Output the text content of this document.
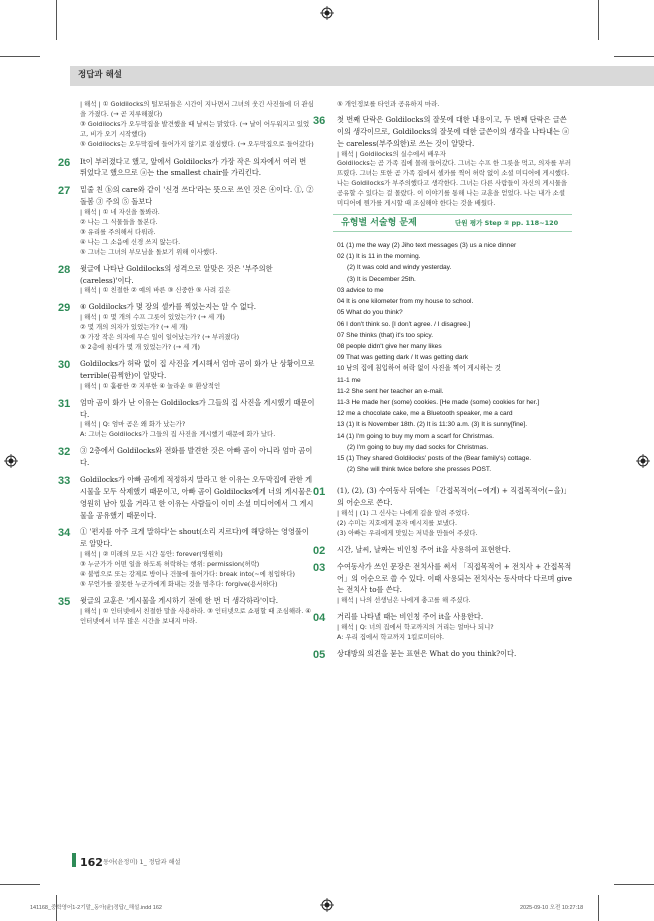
정답과 해설
| 해석 | ① Goldilocks의 털모뒤들은 시간이 지나면서 그녀의 웃긴 사진들에 더 관심을 가졌다. (→ 곧 지루해졌다)
③ Goldilocks가 오두막집을 발견했을 때 날씨는 맑았다. (→ 날이 어두워지고 있었고, 비가 오기 시작했다)
⑤ Goldilocks는 오두막집에 들어가지 않기로 결심했다. (→ 오두막집으로 들어갔다)
26 It이 부러졌다고 했고, 앞에서 Goldilocks가 가장 작은 의자에서 여러 번 뛰었다고 했으므로 ⓐ는 the smallest chair를 가리킨다.
27 밑줄 친 ⓑ의 care와 같이 '신경 쓰다'라는 뜻으로 쓰인 것은 ④이다. ①, ② 돌봄 ③ 주의 ⑤ 돌보다
| 해석 | ① 네 자신을 돌봐라.
② 나는 그 식물들을 돌본다.
③ 유리를 주의해서 다뤄라.
④ 나는 그 소음에 신경 쓰지 않는다.
⑤ 그녀는 그녀의 부모님을 돌보기 위해 이사했다.
28 윗글에 나타난 Goldilocks의 성격으로 알맞은 것은 '부주의한(careless)'이다.
| 해석 | ① 친절한 ② 예의 바른 ③ 신중한 ⑤ 사려 깊은
29 ④ Goldilocks가 몇 장의 셀카를 찍었는지는 알 수 없다.
| 해석 | ① 몇 개의 수프 그릇이 있었는가? (→ 세 개)
② 몇 개의 의자가 있었는가? (→ 세 개)
③ 가장 작은 의자에 무슨 일이 일어났는가? (→ 부러졌다)
⑤ 2층에 침대가 몇 개 있었는가? (→ 세 개)
30 Goldilocks가 허락 없이 집 사진을 게시해서 엄마 곰이 화가 난 상황이므로 terrible(끔찍한)이 알맞다.
| 해석 | ① 훌륭한 ② 지루한 ④ 놀라운 ⑤ 환상적인
31 엄마 곰이 화가 난 이유는 Goldilocks가 그들의 집 사진을 게시했기 때문이다.
| 해석 | Q: 엄마 곰은 왜 화가 났는가?
A: 그녀는 Goldilocks가 그들의 집 사진을 게시했기 때문에 화가 났다.
32 ③ 2층에서 Goldilocks와 전화를 발견한 것은 아빠 곰이 아니라 엄마 곰이다.
33 Goldilocks가 아빠 곰에게 적정하지 말라고 한 이유는 오두막집에 관한 게시물을 모두 삭제했기 때문이고, 아빠 곰이 Goldilocks에게 너의 게시물은 영원히 남아 있을 거라고 한 이유는 사람들이 이미 소셜 미디어에서 그 게시물을 공유했기 때문이다.
34 ① '편지를 아주 크게 말하다'는 shout(소리 지르다)에 해당하는 영영풀이로 알맞다.
| 해석 | ② 미래의 모든 시간 동안: forever(영원히)
③ 누군가가 어떤 일을 하도록 허락하는 행위: permission(허락)
④ 불법으로 또는 강제로 방이나 건물에 들어가다: break into(~에 침입하다)
⑤ 무언가를 잘못한 누군가에게 화내는 것을 멈추다: forgive(용서하다)
35 윗글의 교훈은 '게시물을 게시하기 전에 한 번 더 생각하라'이다.
| 해석 | ① 인터넷에서 친절한 말을 사용하라. ③ 인터넷으로 쇼핑할 때 조심해라. ④ 인터넷에서 너무 많은 시간을 보내지 마라.
⑤ 개인정보를 타인과 공유하지 마라.
36 첫 번째 단락은 Goldilocks의 잘못에 대한 내용이고, 두 번째 단락은 글쓴이의 생각이므로, Goldilocks의 잘못에 대한 글쓴이의 생각을 나타내는 ⓐ는 careless(부주의한)로 쓰는 것이 알맞다.
| 해석 | Goldilocks의 실수에서 배우자
Goldilocks는 곰 가족 집에 몰래 들어갔다. 그녀는 수프 한 그릇을 먹고, 의자를 부러뜨렸다. 그녀는 또한 곰 가족 집에서 셀카를 찍어 허락 없이 소셜 미디어에 게시했다.
나는 Goldilocks가 부주의했다고 생각한다. 그녀는 다른 사람들이 자신의 게시물을 공유할 수 있다는 걸 몰랐다. 이 이야기를 통해 나는 교훈을 얻었다. 나는 내가 소셜 미디어에 뭔가를 게시할 때 조심해야 한다는 것을 배웠다.
유형별 서술형 문제	단원 평가 Step ② pp. 118~120
01 (1) me the way (2) Jiho text messages (3) us a nice dinner
02 (1) It is 11 in the morning.
(2) It was cold and windy yesterday.
(3) It is December 25th.
03 advice to me
04 It is one kilometer from my house to school.
05 What do you think?
06 I don't think so. [I don't agree. / I disagree.]
07 She thinks (that) it's too spicy.
08 people didn't give her many likes
09 That was getting dark / It was getting dark
10 남의 집에 침입하여 허락 없이 사진을 찍어 게시하는 것
11-1 me
11-2 She sent her teacher an e-mail.
11-3 He made her (some) cookies. [He made (some) cookies for her.]
12 me a chocolate cake, me a Bluetooth speaker, me a card
13 (1) It is November 18th. (2) It is 11:30 a.m. (3) It is sunny[fine].
14 (1) I'm going to buy my mom a scarf for Christmas.
(2) I'm going to buy my dad socks for Christmas.
15 (1) They shared Goldilocks' posts of the (Bear family's) cottage.
(2) She will think twice before she presses POST.
01 (1), (2), (3) 수여동사 뒤에는 「간접목적어(~에게) + 직접목적어(~을)」의 어순으로 쓴다.
| 해석 | (1) 그 신사는 나에게 길을 알려 주었다.
(2) 수미는 지호에게 문자 메시지를 보냈다.
(3) 아빠는 우리에게 맛있는 저녁을 만들어 주셨다.
02 시간, 날씨, 날짜는 비인칭 주어 it을 사용하여 표현한다.
03 수여동사가 쓰인 문장은 전치사를 써서 「직접목적어 + 전치사 + 간접목적어」의 어순으로 쓸 수 있다. 이때 사용되는 전치사는 동사마다 다르며 give는 전치사 to를 쓴다.
| 해석 | 나의 선생님은 나에게 충고를 해 주셨다.
04 거리를 나타낼 때는 비인칭 주어 it을 사용한다.
| 해석 | Q: 너의 집에서 학교까지의 거리는 얼마나 되니?
A: 우리 집에서 학교까지 1킬로미터야.
05 상대방의 의견을 묻는 표현은 What do you think?이다.
162 동아(윤정미) 1_ 정답과 해설
141168_중학영어1-2기말_동아(윤)정답/_해설.indd 162	2025-09-10 오전 10:27:18
